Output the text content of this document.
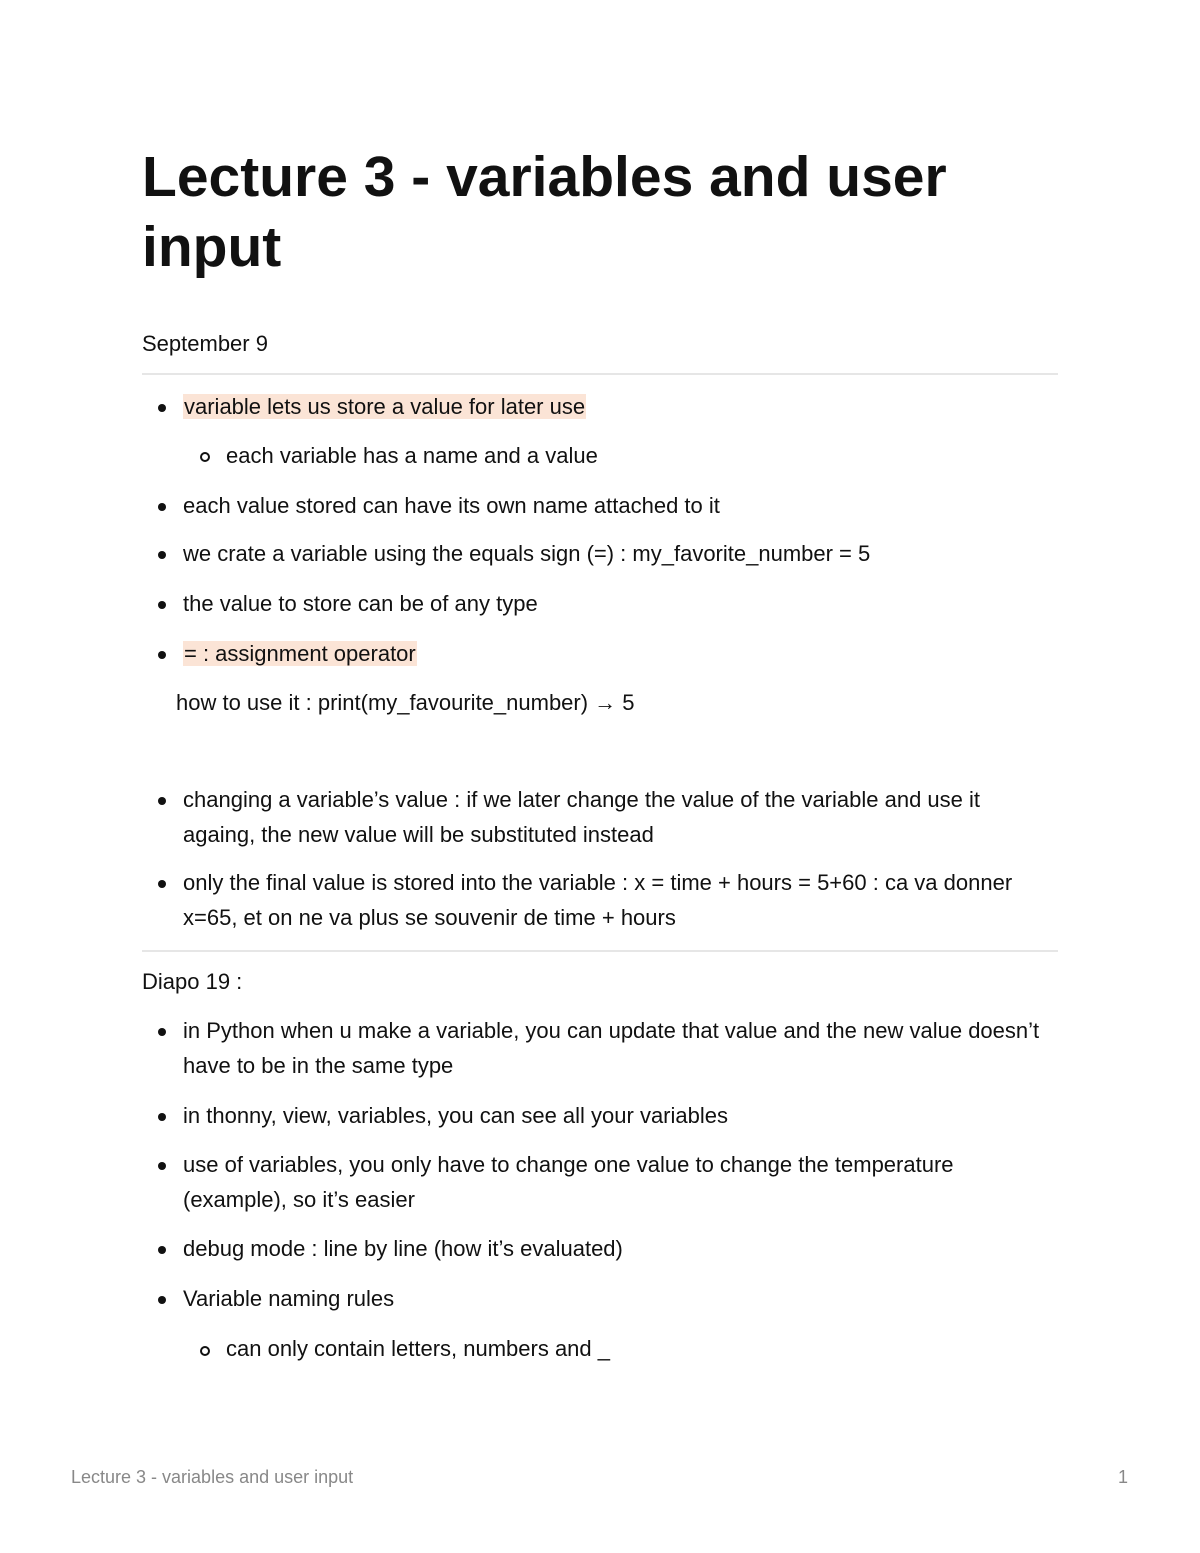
Lecture 3 - variables and user input

September 9

variable lets us store a value for later use

each variable has a name and a value

each value stored can have its own name attached to it

we crate a variable using the equals sign (=) : my_favorite_number = 5

the value to store can be of any type

= : assignment operator

how to use it : print(my_favourite_number) → 5

changing a variable’s value : if we later change the value of the variable and use it againg, the new value will be substituted instead

only the final value is stored into the variable : x = time + hours = 5+60 : ca va donner x=65, et on ne va plus se souvenir de time + hours

Diapo 19 :

in Python when u make a variable, you can update that value and the new value doesn’t have to be in the same type

in thonny, view, variables, you can see all your variables

use of variables, you only have to change one value to change the temperature (example), so it’s easier

debug mode : line by line (how it’s evaluated)

Variable naming rules

can only contain letters, numbers and _

Lecture 3 - variables and user input	1
